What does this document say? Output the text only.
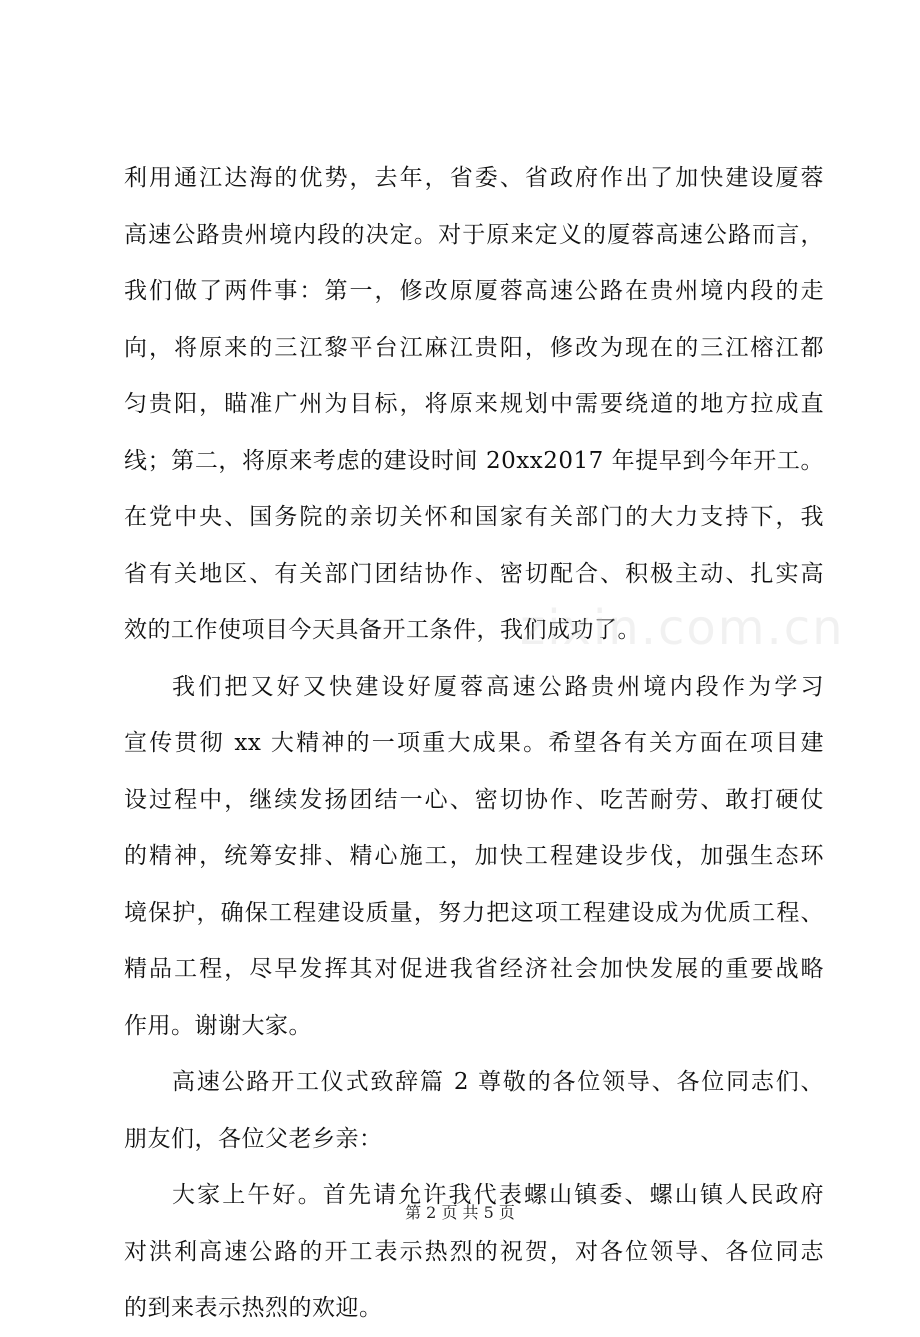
利用通江达海的优势，去年，省委、省政府作出了加快建设厦蓉
高速公路贵州境内段的决定。对于原来定义的厦蓉高速公路而言，
我们做了两件事：第一，修改原厦蓉高速公路在贵州境内段的走
向，将原来的三江黎平台江麻江贵阳，修改为现在的三江榕江都
匀贵阳，瞄准广州为目标，将原来规划中需要绕道的地方拉成直
线；第二，将原来考虑的建设时间 20xx2017 年提早到今年开工。
在党中央、国务院的亲切关怀和国家有关部门的大力支持下，我
省有关地区、有关部门团结协作、密切配合、积极主动、扎实高
效的工作使项目今天具备开工条件，我们成功了。
我们把又好又快建设好厦蓉高速公路贵州境内段作为学习
宣传贯彻 xx 大精神的一项重大成果。希望各有关方面在项目建
设过程中，继续发扬团结一心、密切协作、吃苦耐劳、敢打硬仗
的精神，统筹安排、精心施工，加快工程建设步伐，加强生态环
境保护，确保工程建设质量，努力把这项工程建设成为优质工程、
精品工程，尽早发挥其对促进我省经济社会加快发展的重要战略
作用。谢谢大家。
高速公路开工仪式致辞篇 2 尊敬的各位领导、各位同志们、
朋友们，各位父老乡亲：
大家上午好。首先请允许我代表螺山镇委、螺山镇人民政府
对洪利高速公路的开工表示热烈的祝贺，对各位领导、各位同志
的到来表示热烈的欢迎。
zixin.com.cn
第 2 页 共 5 页
